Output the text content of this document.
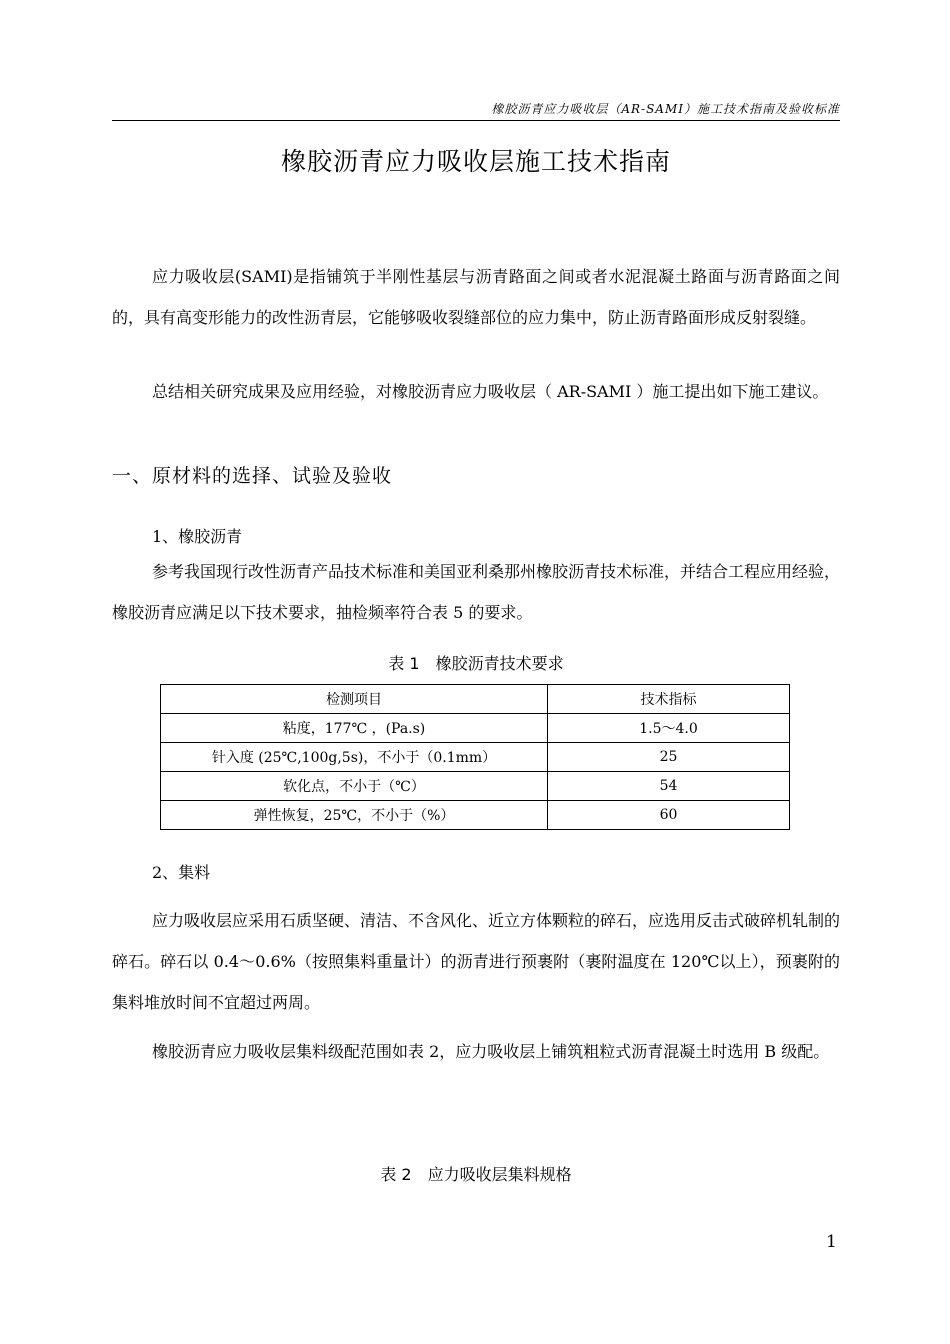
橡胶沥青应力吸收层（AR-SAMI）施工技术指南及验收标准
橡胶沥青应力吸收层施工技术指南
应力吸收层(SAMI)是指铺筑于半刚性基层与沥青路面之间或者水泥混凝土路面与沥青路面之间的，具有高变形能力的改性沥青层，它能够吸收裂缝部位的应力集中，防止沥青路面形成反射裂缝。
总结相关研究成果及应用经验，对橡胶沥青应力吸收层（ AR-SAMI ）施工提出如下施工建议。
一、原材料的选择、试验及验收
1、橡胶沥青
参考我国现行改性沥青产品技术标准和美国亚利桑那州橡胶沥青技术标准，并结合工程应用经验，橡胶沥青应满足以下技术要求，抽检频率符合表 5 的要求。
表 1 橡胶沥青技术要求
检测项目	技术指标
粘度，177℃ ，(Pa.s)	1.5～4.0
针入度 (25℃,100g,5s)，不小于（0.1mm）	25
软化点，不小于（℃）	54
弹性恢复，25℃，不小于（%）	60
2、集料
应力吸收层应采用石质坚硬、清洁、不含风化、近立方体颗粒的碎石，应选用反击式破碎机轧制的碎石。碎石以 0.4～0.6%（按照集料重量计）的沥青进行预裹附（裹附温度在 120℃以上），预裹附的集料堆放时间不宜超过两周。
橡胶沥青应力吸收层集料级配范围如表 2，应力吸收层上铺筑粗粒式沥青混凝土时选用 B 级配。
表 2 应力吸收层集料规格
1
